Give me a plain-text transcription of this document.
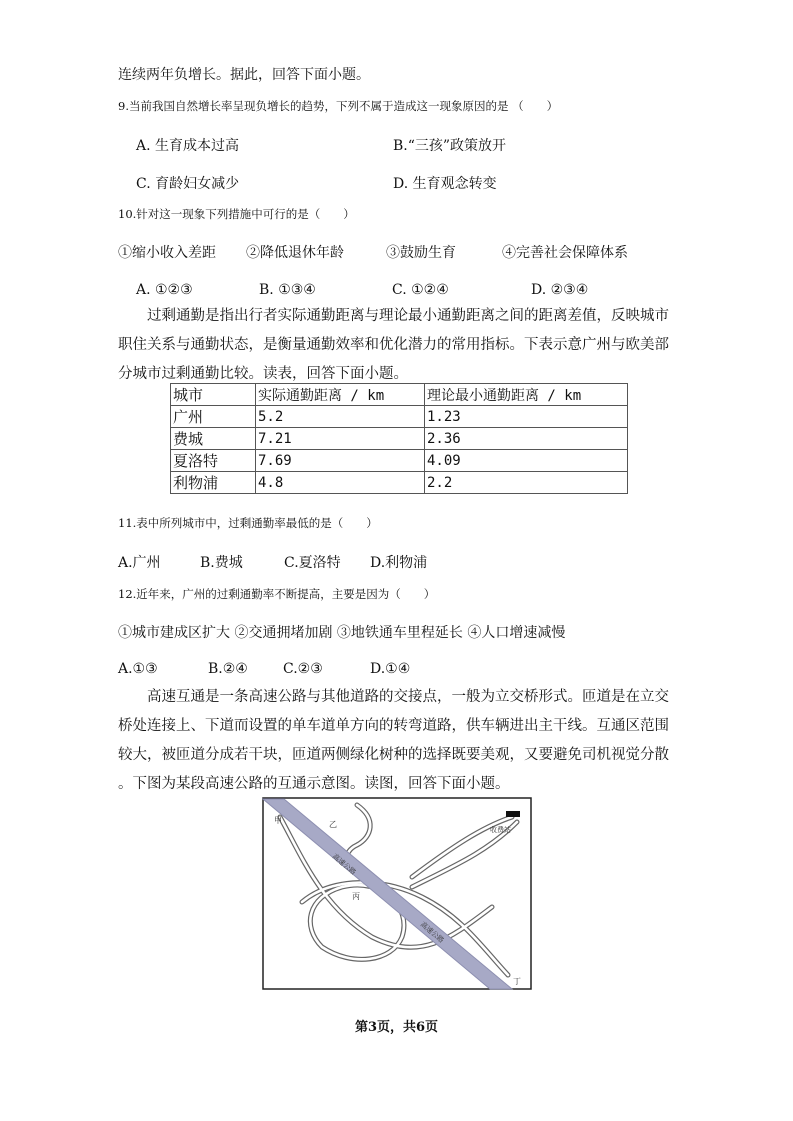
连续两年负增长。据此，回答下面小题。
9.当前我国自然增长率呈现负增长的趋势，下列不属于造成这一现象原因的是 （　　）
A. 生育成本过高	B.“三孩”政策放开
C. 育龄妇女减少	D. 生育观念转变
10.针对这一现象下列措施中可行的是（　　）
①缩小收入差距 ②降低退休年龄	③鼓励生育	④完善社会保障体系
A. ①②③	B. ①③④	C. ①②④	D. ②③④
过剩通勤是指出行者实际通勤距离与理论最小通勤距离之间的距离差值，反映城市
职住关系与通勤状态，是衡量通勤效率和优化潜力的常用指标。下表示意广州与欧美部
分城市过剩通勤比较。读表，回答下面小题。
城市	实际通勤距离 / km	理论最小通勤距离 / km
广州	5.2	1.23
费城	7.21	2.36
夏洛特	7.69	4.09
利物浦	4.8	2.2
11.表中所列城市中，过剩通勤率最低的是（　　）
A.广州	B.费城	C.夏洛特 D.利物浦
12.近年来，广州的过剩通勤率不断提高，主要是因为（　　）
①城市建成区扩大 ②交通拥堵加剧 ③地铁通车里程延长 ④人口增速减慢
A.①③	B.②④	C.②③	D.①④
高速互通是一条高速公路与其他道路的交接点，一般为立交桥形式。匝道是在立交
桥处连接上、下道而设置的单车道单方向的转弯道路，供车辆进出主干线。互通区范围
较大，被匝道分成若干块，匝道两侧绿化树种的选择既要美观，又要避免司机视觉分散
。下图为某段高速公路的互通示意图。读图，回答下面小题。
甲	乙
丙
丁
收费站
高速公路
高速公路
第3页，共6页
